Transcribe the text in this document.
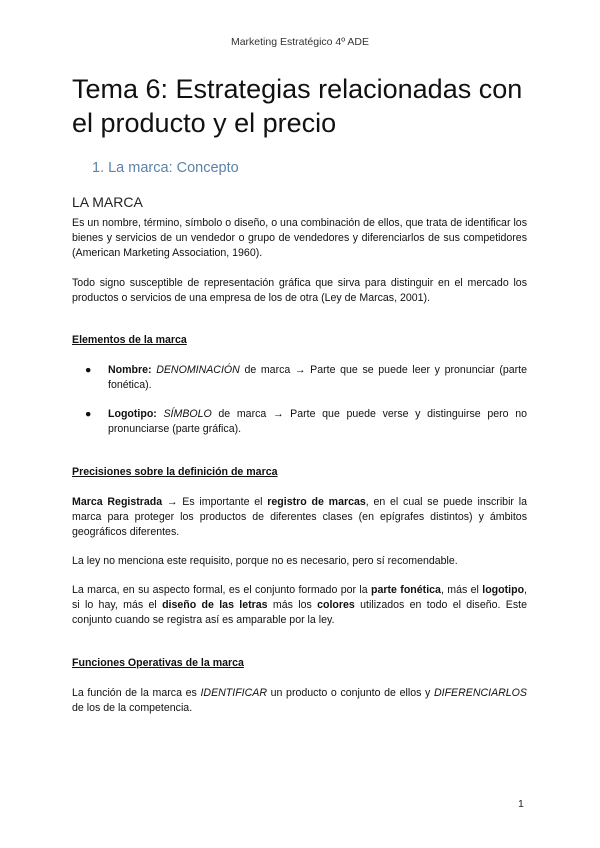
Marketing Estratégico 4º ADE
Tema 6: Estrategias relacionadas con el producto y el precio
1. La marca: Concepto
LA MARCA

Es un nombre, término, símbolo o diseño, o una combinación de ellos, que trata de identificar los bienes y servicios de un vendedor o grupo de vendedores y diferenciarlos de sus competidores (American Marketing Association, 1960).

Todo signo susceptible de representación gráfica que sirva para distinguir en el mercado los productos o servicios de una empresa de los de otra (Ley de Marcas, 2001).

Elementos de la marca
● Nombre: DENOMINACIÓN de marca → Parte que se puede leer y pronunciar (parte fonética).
● Logotipo: SÍMBOLO de marca → Parte que puede verse y distinguirse pero no pronunciarse (parte gráfica).
Precisiones sobre la definición de marca

Marca Registrada → Es importante el registro de marcas, en el cual se puede inscribir la marca para proteger los productos de diferentes clases (en epígrafes distintos) y ámbitos geográficos diferentes.

La ley no menciona este requisito, porque no es necesario, pero sí recomendable.

La marca, en su aspecto formal, es el conjunto formado por la parte fonética, más el logotipo, si lo hay, más el diseño de las letras más los colores utilizados en todo el diseño. Este conjunto cuando se registra así es amparable por la ley.

Funciones Operativas de la marca

La función de la marca es IDENTIFICAR un producto o conjunto de ellos y DIFERENCIARLOS de los de la competencia.

1
